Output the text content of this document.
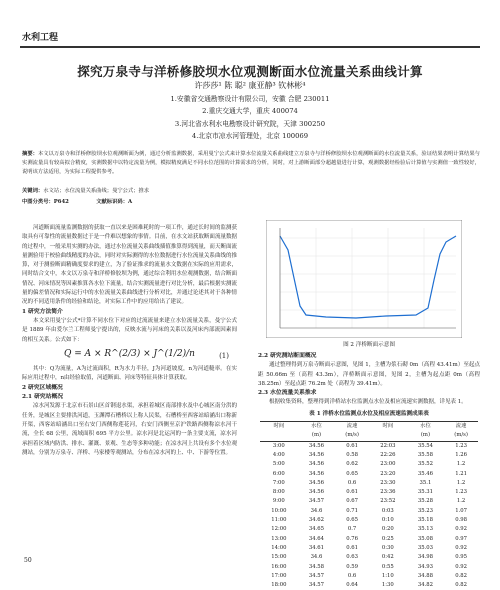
水利工程
探究万泉寺与洋桥修胶坝水位观测断面水位流量关系曲线计算
许莎莎¹ 陈 聪² 康亚静³ 钦林彬⁴
1.安徽省交通勘察设计有限公司，安徽 合肥 230011
2.重庆交通大学，重庆 400074
3.河北省水利水电勘察设计研究院，天津 300250
4.北京市凉水河管理处，北京 100069
摘要：本文以万泉寺和洋桥修胶坝水位观测断面为例，通过分析监测数据，采用曼宁公式来计算水位流量关系曲线建立万泉寺与洋桥修胶坝水位观测断面的水位流量关系，验证结果表明计算结果与实测流量具有较高拟合精度，实测数据中以特定流量为例，模拟精度满足不同水位范围的计算需求的分析，同时，对上游断面部分超越量进行计算，观测数据经检验后计算值与实测值一致性较好，说明该方法适用，为实际工程提供参考。
关键词：水文站；水位流量关系曲线；曼宁公式；推求
中图分类号：P642	文献标识码：A

河道断面流量监测数据的获取一直以来是困难耗时的一项工作，通过长时间的监测获取具有可靠性的流量数据过于是一件难以想象的事情。目前，在水文站获取断面流量数据的过程中，一般采用实测的办法，通过水位流量关系曲线插值推算得到流量，而天断面流量测验用于校验曲线精度的办法，同时对实际测得的水位数据进行水位流量关系曲线的推算，对于测验断面精确度要求的建立，为了验证推求的流量水文数据在实际的应用需求，同时结合文中，本文以万泉寺和洋桥修胶坝为例，通过综合利用水位观测数据，结合断面情况、河床情况等因素推算各水位下流量，结合实测流量进行对比分析，最后根据实测流量的偏差情况和实际运行中的水位流量关系曲线进行分析对比，并通过论述其对于各种情况的不同适用条件的经验和结论，对实际工作中的应用给出了建议。

1 研究方法简介

本文采用曼宁公式*计算不同水位下对应的过流流量来建立水位流量关系，曼宁公式是 1889 年由爱尔兰工程师曼宁提出的，反映水流与河床的关系以及河床内部流因素间的相互关系。公式如下：

Q = A × R^(2/3) × J^(1/2)/n	(1)

其中：Q为流量，A为过流面积，R为水力半径，J为河道坡度，n为河道糙率。在实际应用过程中，n由经验取值，河道断面、河床等特征具体计算获取。

2 研究区域概况

2.1 研究站概况

凉水河发源于北京市石景山区首钢退水渠，承担着城区南部排水及中心城区南分洪的任务，是城区主要排洪河道，玉渊潭石槽桥以上称人民渠，石槽桥至西客站暗涵出口称新开渠，西客站暗涵出口至右安门西侧称莲花河，右安门西侧至京沪铁路西侧称凉水河干流，全长 68 公里，流域面积 695 平方公里。凉水河是北运河的一条主要支流，凉水河承担着区域内防洪、排水、灌溉、景观、生态等多种功能；在凉水河上共设有多个水位观测站，分别为万泉寺、洋桥、马家楼等观测站，分布在凉水河的上、中、下游等位置。

图 2 洋桥断面示意图

2.2 研究测站断面概况

通过整理得到万泉寺断面示意图，见图 1，主槽为浆石砌 0m（高程 43.41m）至起点距 50.66m 至（高程 43.3m），洋桥断面示意图，见图 2，主槽为起点距 0m（高程 38.25m）至起点距 76.2m 处（高程为 39.41m）。

2.3 水位流量关系推求

根据收集资料，整理得到洋桥站水位监测点水位及相应流速实测数据，详见表 1。

表 1 洋桥水位监测点水位及相应流速监测成果表
时间	水位	流速	时间	水位	流速
	(m)	(m/s)		(m)	(m/s)
3:00	34.56	0.61	22:03	35.54	1.23
4:00	34.56	0.58	22:26	35.58	1.26
5:00	34.56	0.62	23:00	35.52	1.2
6:00	34.56	0.65	23:20	35.46	1.21
7:00	34.56	0.6	23:30	35.1	1.2
8:00	34.56	0.61	23:36	35.31	1.23
9:00	34.57	0.67	23:52	35.28	1.2
10:00	34.6	0.71	0:03	35.23	1.07
11:00	34.62	0.65	0:10	35.18	0.98
12:00	34.65	0.7	0:20	35.13	0.92
13:00	34.64	0.76	0:25	35.08	0.97
14:00	34.61	0.61	0:30	35.03	0.92
15:00	34.6	0.63	0:42	34.98	0.95
16:00	34.58	0.59	0:55	34.93	0.92
17:00	34.57	0.6	1:10	34.88	0.82
18:00	34.57	0.64	1:30	34.82	0.82
50
